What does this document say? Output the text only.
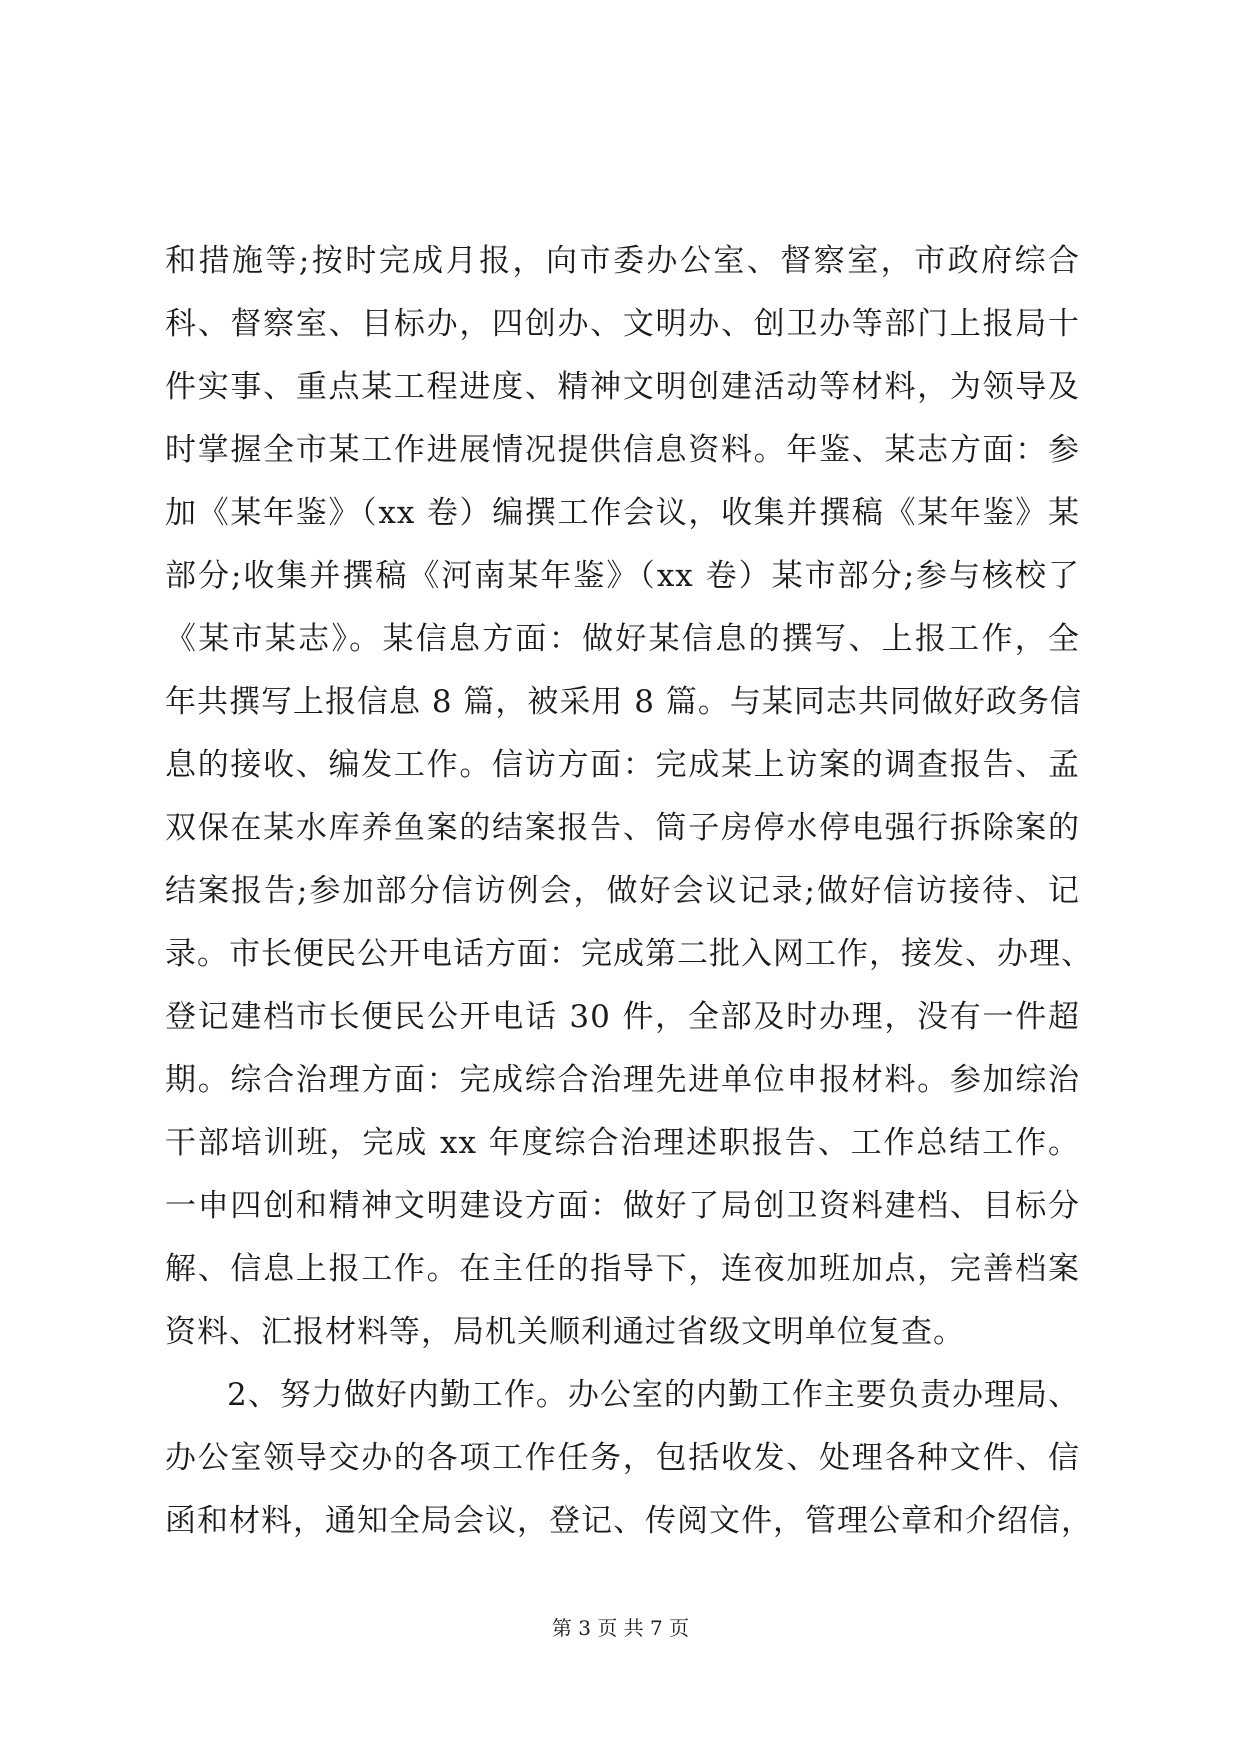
和措施等;按时完成月报，向市委办公室、督察室，市政府综合
科、督察室、目标办，四创办、文明办、创卫办等部门上报局十
件实事、重点某工程进度、精神文明创建活动等材料，为领导及
时掌握全市某工作进展情况提供信息资料。年鉴、某志方面：参
加《某年鉴》（xx 卷）编撰工作会议，收集并撰稿《某年鉴》某
部分;收集并撰稿《河南某年鉴》（xx 卷）某市部分;参与核校了
《某市某志》。某信息方面：做好某信息的撰写、上报工作，全
年共撰写上报信息 8 篇，被采用 8 篇。与某同志共同做好政务信
息的接收、编发工作。信访方面：完成某上访案的调查报告、孟
双保在某水库养鱼案的结案报告、筒子房停水停电强行拆除案的
结案报告;参加部分信访例会，做好会议记录;做好信访接待、记
录。市长便民公开电话方面：完成第二批入网工作，接发、办理、
登记建档市长便民公开电话 30 件，全部及时办理，没有一件超
期。综合治理方面：完成综合治理先进单位申报材料。参加综治
干部培训班，完成 xx 年度综合治理述职报告、工作总结工作。
一申四创和精神文明建设方面：做好了局创卫资料建档、目标分
解、信息上报工作。在主任的指导下，连夜加班加点，完善档案
资料、汇报材料等，局机关顺利通过省级文明单位复查。
2、努力做好内勤工作。办公室的内勤工作主要负责办理局、
办公室领导交办的各项工作任务，包括收发、处理各种文件、信
函和材料，通知全局会议，登记、传阅文件，管理公章和介绍信，
第 3 页 共 7 页
